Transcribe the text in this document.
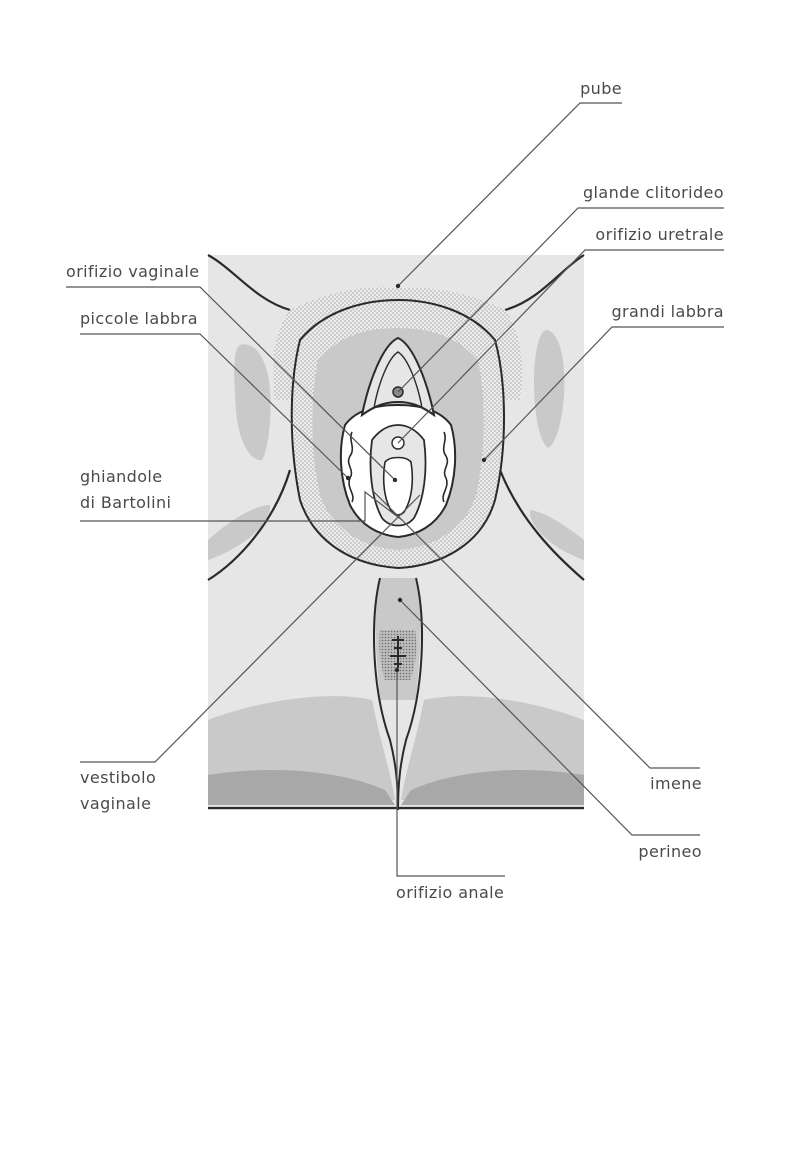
pube
glande clitorideo
orifizio uretrale
grandi labbra
orifizio vaginale
piccole labbra
ghiandole
di Bartolini
vestibolo
vaginale
imene
perineo
orifizio anale
